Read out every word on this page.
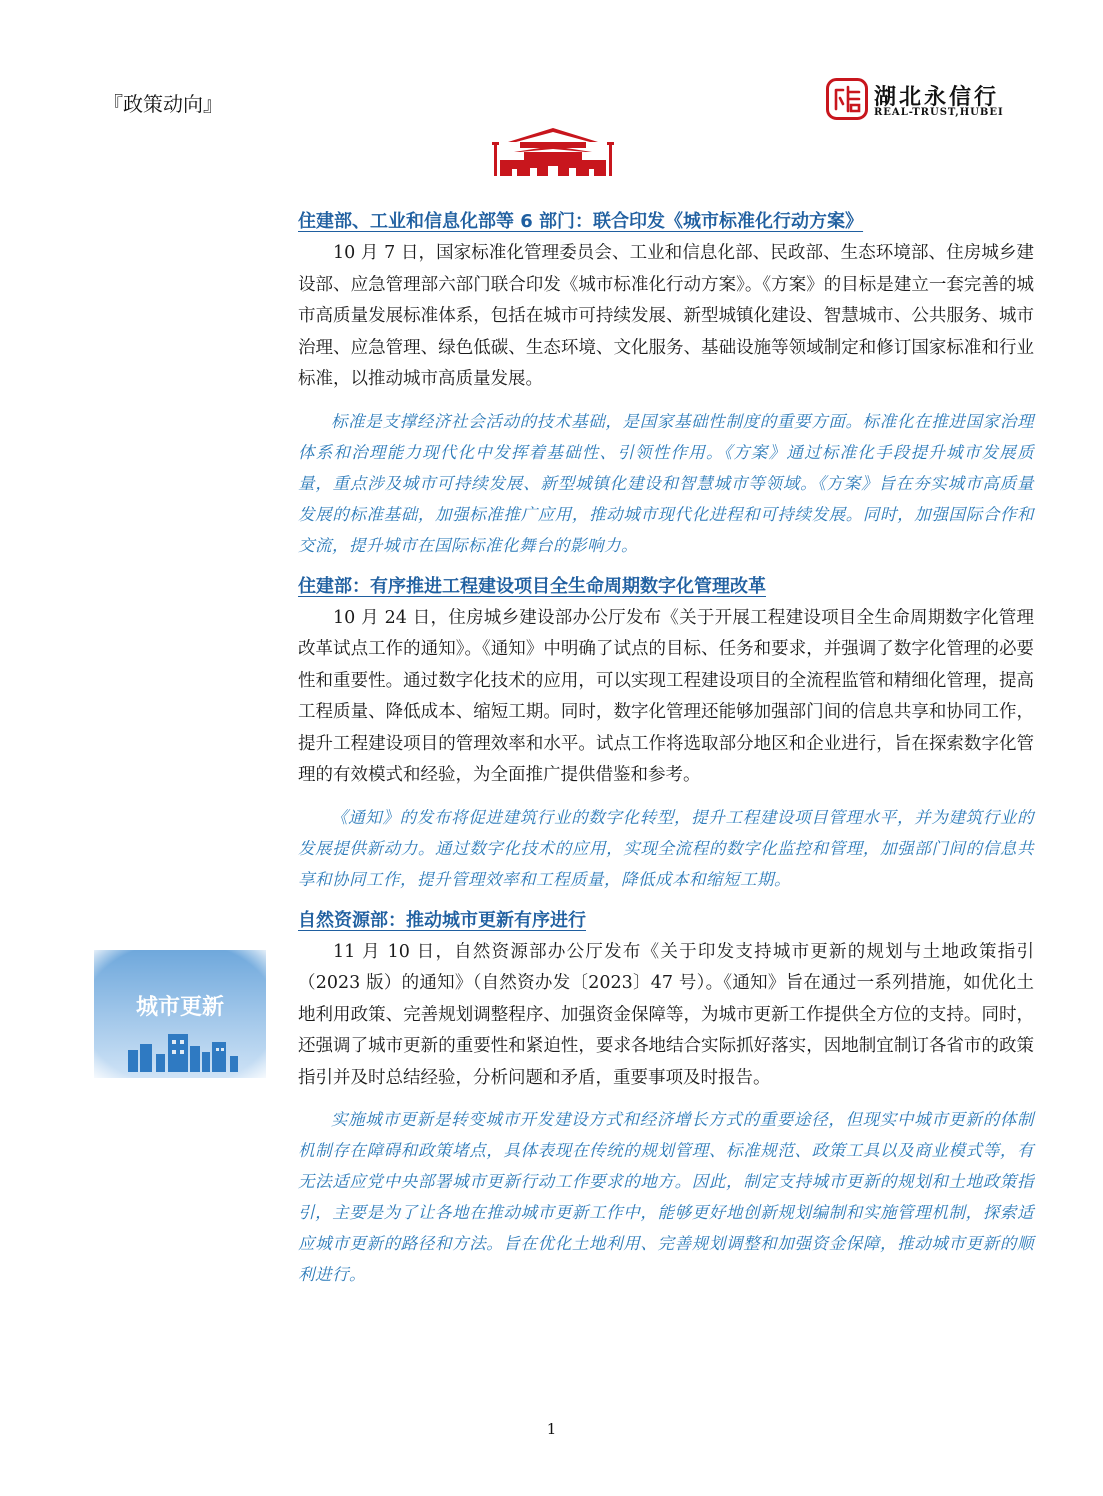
『政策动向』	湖北永信行
REAL-TRUST,HUBEI
住建部、工业和信息化部等 6 部门：联合印发《城市标准化行动方案》

10 月 7 日，国家标准化管理委员会、工业和信息化部、民政部、生态环境部、住房城乡建设部、应急管理部六部门联合印发《城市标准化行动方案》。《方案》的目标是建立一套完善的城市高质量发展标准体系，包括在城市可持续发展、新型城镇化建设、智慧城市、公共服务、城市治理、应急管理、绿色低碳、生态环境、文化服务、基础设施等领域制定和修订国家标准和行业标准，以推动城市高质量发展。

标准是支撑经济社会活动的技术基础，是国家基础性制度的重要方面。标准化在推进国家治理体系和治理能力现代化中发挥着基础性、引领性作用。《方案》通过标准化手段提升城市发展质量，重点涉及城市可持续发展、新型城镇化建设和智慧城市等领域。《方案》旨在夯实城市高质量发展的标准基础，加强标准推广应用，推动城市现代化进程和可持续发展。同时，加强国际合作和交流，提升城市在国际标准化舞台的影响力。

住建部：有序推进工程建设项目全生命周期数字化管理改革

10 月 24 日，住房城乡建设部办公厅发布《关于开展工程建设项目全生命周期数字化管理改革试点工作的通知》。《通知》中明确了试点的目标、任务和要求，并强调了数字化管理的必要性和重要性。通过数字化技术的应用，可以实现工程建设项目的全流程监管和精细化管理，提高工程质量、降低成本、缩短工期。同时，数字化管理还能够加强部门间的信息共享和协同工作，提升工程建设项目的管理效率和水平。试点工作将选取部分地区和企业进行，旨在探索数字化管理的有效模式和经验，为全面推广提供借鉴和参考。

《通知》的发布将促进建筑行业的数字化转型，提升工程建设项目管理水平，并为建筑行业的发展提供新动力。通过数字化技术的应用，实现全流程的数字化监控和管理，加强部门间的信息共享和协同工作，提升管理效率和工程质量，降低成本和缩短工期。

自然资源部：推动城市更新有序进行

11 月 10 日，自然资源部办公厅发布《关于印发支持城市更新的规划与土地政策指引（2023 版）的通知》（自然资办发〔2023〕47 号）。《通知》旨在通过一系列措施，如优化土地利用政策、完善规划调整程序、加强资金保障等，为城市更新工作提供全方位的支持。同时，还强调了城市更新的重要性和紧迫性，要求各地结合实际抓好落实，因地制宜制订各省市的政策指引并及时总结经验，分析问题和矛盾，重要事项及时报告。

实施城市更新是转变城市开发建设方式和经济增长方式的重要途径，但现实中城市更新的体制机制存在障碍和政策堵点，具体表现在传统的规划管理、标准规范、政策工具以及商业模式等，有无法适应党中央部署城市更新行动工作要求的地方。因此，制定支持城市更新的规划和土地政策指引，主要是为了让各地在推动城市更新工作中，能够更好地创新规划编制和实施管理机制，探索适应城市更新的路径和方法。旨在优化土地利用、完善规划调整和加强资金保障，推动城市更新的顺利进行。

城市更新
1
